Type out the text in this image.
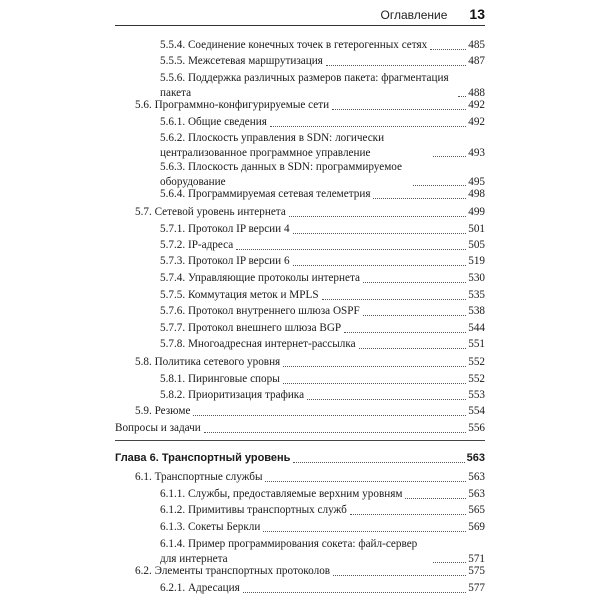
Оглавление 13
5.5.4. Соединение конечных точек в гетерогенных сетях	485
5.5.5. Межсетевая маршрутизация	487
5.5.6. Поддержка различных размеров пакета: фрагментация пакета	488
5.6. Программно-конфигурируемые сети	492
5.6.1. Общие сведения	492
5.6.2. Плоскость управления в SDN: логически централизованное программное управление	493
5.6.3. Плоскость данных в SDN: программируемое оборудование	495
5.6.4. Программируемая сетевая телеметрия	498
5.7. Сетевой уровень интернета	499
5.7.1. Протокол IP версии 4	501
5.7.2. IP-адреса	505
5.7.3. Протокол IP версии 6	519
5.7.4. Управляющие протоколы интернета	530
5.7.5. Коммутация меток и MPLS	535
5.7.6. Протокол внутреннего шлюза OSPF	538
5.7.7. Протокол внешнего шлюза BGP	544
5.7.8. Многоадресная интернет-рассылка	551
5.8. Политика сетевого уровня	552
5.8.1. Пиринговые споры	552
5.8.2. Приоритизация трафика	553
5.9. Резюме	554
Вопросы и задачи	556
Глава 6. Транспортный уровень	563
6.1. Транспортные службы	563
6.1.1. Службы, предоставляемые верхним уровням	563
6.1.2. Примитивы транспортных служб	565
6.1.3. Сокеты Беркли	569
6.1.4. Пример программирования сокета: файл-сервер для интернета	571
6.2. Элементы транспортных протоколов	575
6.2.1. Адресация	577
